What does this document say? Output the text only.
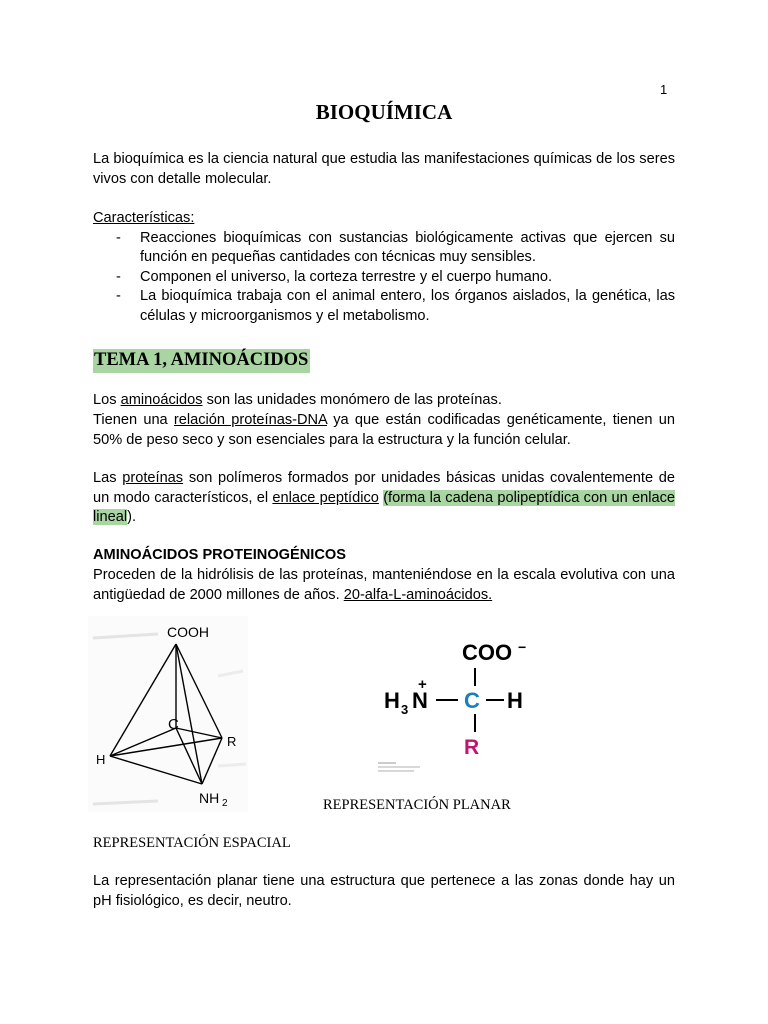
1
BIOQUÍMICA
La bioquímica es la ciencia natural que estudia las manifestaciones químicas de los seres vivos con detalle molecular.
Características:
- Reacciones bioquímicas con sustancias biológicamente activas que ejercen su función en pequeñas cantidades con técnicas muy sensibles.
- Componen el universo, la corteza terrestre y el cuerpo humano.
- La bioquímica trabaja con el animal entero, los órganos aislados, la genética, las células y microorganismos y el metabolismo.
TEMA 1, AMINOÁCIDOS
Los aminoácidos son las unidades monómero de las proteínas.
Tienen una relación proteínas-DNA ya que están codificadas genéticamente, tienen un 50% de peso seco y son esenciales para la estructura y la función celular.
Las proteínas son polímeros formados por unidades básicas unidas covalentemente de un modo característicos, el enlace peptídico (forma la cadena polipeptídica con un enlace lineal).
AMINOÁCIDOS PROTEINOGÉNICOS
Proceden de la hidrólisis de las proteínas, manteniéndose en la escala evolutiva con una antigüedad de 2000 millones de años. 20-alfa-L-aminoácidos.
COOH
C
R
H
NH 2
COO −
H 3 N
+
C H
R
REPRESENTACIÓN PLANAR
REPRESENTACIÓN ESPACIAL
La representación planar tiene una estructura que pertenece a las zonas donde hay un pH fisiológico, es decir, neutro.
